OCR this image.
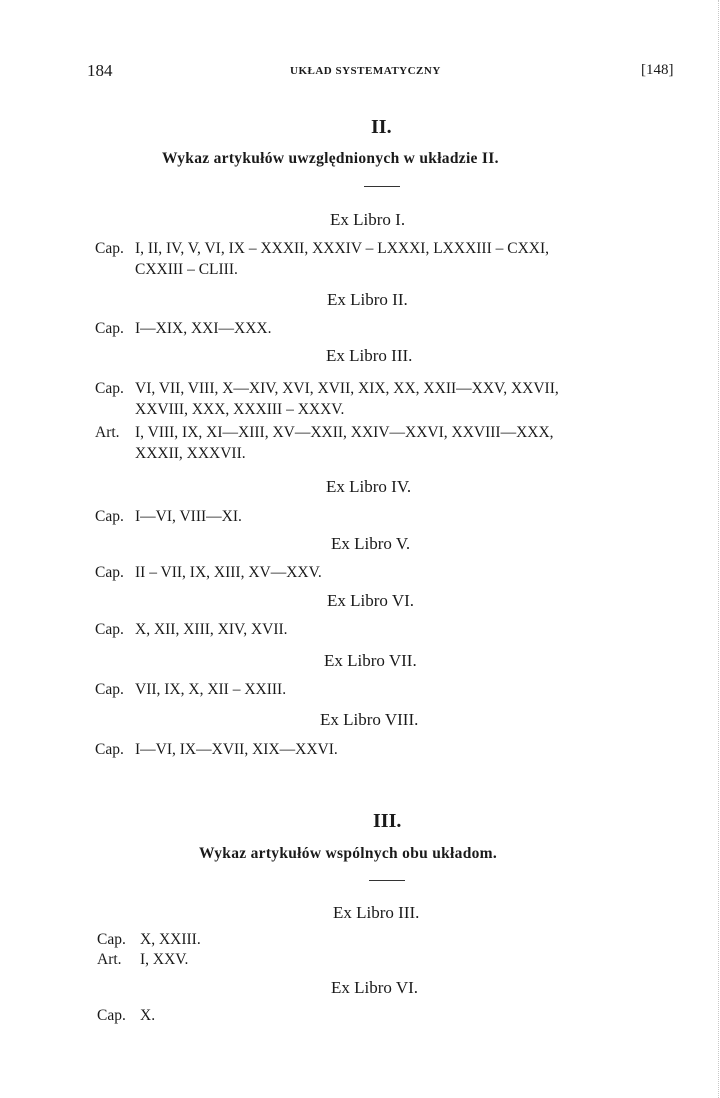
184	UKŁAD SYSTEMATYCZNY	[148]
II.
Wykaz artykułów uwzględnionych w układzie II.
Ex Libro I.
Cap. I, II, IV, V, VI, IX – XXXII, XXXIV – LXXXI, LXXXIII – CXXI,
CXXIII – CLIII.
Ex Libro II.
Cap. I—XIX, XXI—XXX.
Ex Libro III.
Cap. VI, VII, VIII, X—XIV, XVI, XVII, XIX, XX, XXII—XXV, XXVII,
XXVIII, XXX, XXXIII – XXXV.
Art. I, VIII, IX, XI—XIII, XV—XXII, XXIV—XXVI, XXVIII—XXX,
XXXII, XXXVII.
Ex Libro IV.
Cap. I—VI, VIII—XI.
Ex Libro V.
Cap. II – VII, IX, XIII, XV—XXV.
Ex Libro VI.
Cap. X, XII, XIII, XIV, XVII.
Ex Libro VII.
Cap. VII, IX, X, XII – XXIII.
Ex Libro VIII.
Cap. I—VI, IX—XVII, XIX—XXVI.
III.
Wykaz artykułów wspólnych obu układom.
Ex Libro III.
Cap. X, XXIII.
Art. I, XXV.
Ex Libro VI.
Cap. X.
